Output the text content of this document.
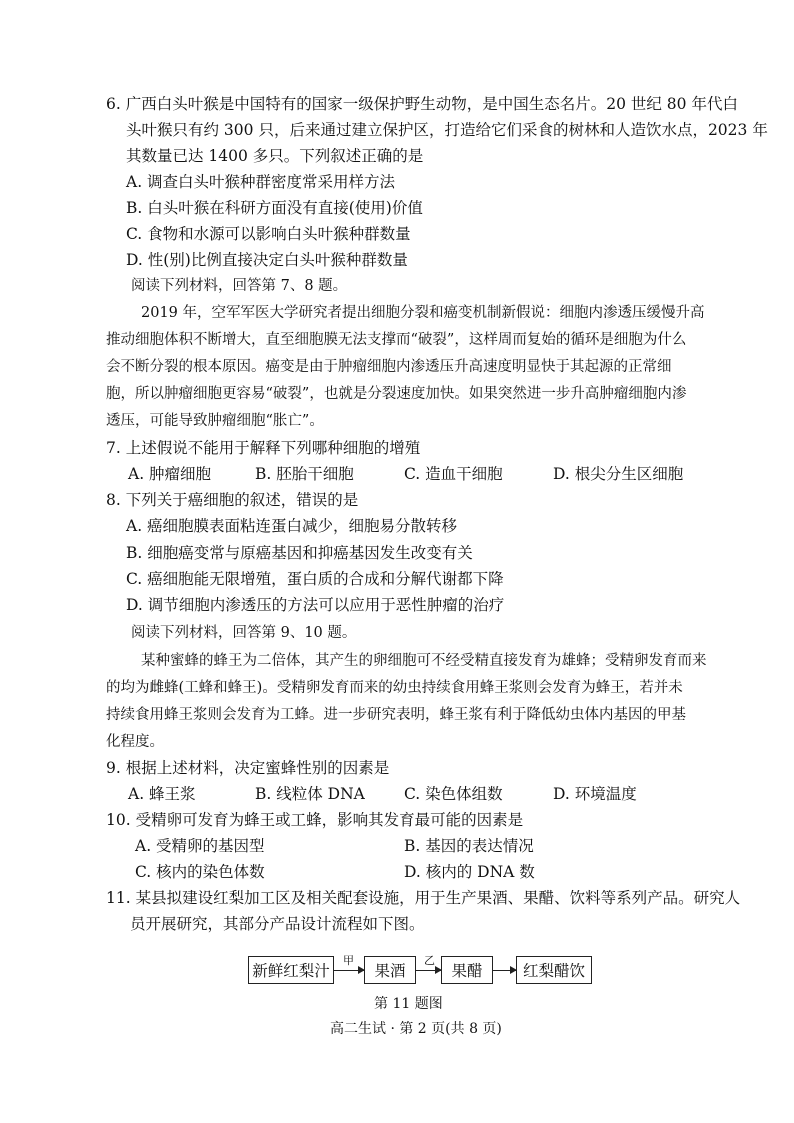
6. 广西白头叶猴是中国特有的国家一级保护野生动物，是中国生态名片。20 世纪 80 年代白
头叶猴只有约 300 只，后来通过建立保护区，打造给它们采食的树林和人造饮水点，2023 年
其数量已达 1400 多只。下列叙述正确的是
A. 调查白头叶猴种群密度常采用样方法
B. 白头叶猴在科研方面没有直接(使用)价值
C. 食物和水源可以影响白头叶猴种群数量
D. 性(别)比例直接决定白头叶猴种群数量
阅读下列材料，回答第 7、8 题。
2019 年，空军军医大学研究者提出细胞分裂和癌变机制新假说：细胞内渗透压缓慢升高
推动细胞体积不断增大，直至细胞膜无法支撑而“破裂”，这样周而复始的循环是细胞为什么
会不断分裂的根本原因。癌变是由于肿瘤细胞内渗透压升高速度明显快于其起源的正常细
胞，所以肿瘤细胞更容易“破裂”，也就是分裂速度加快。如果突然进一步升高肿瘤细胞内渗
透压，可能导致肿瘤细胞“胀亡”。
7. 上述假说不能用于解释下列哪种细胞的增殖
A. 肿瘤细胞	B. 胚胎干细胞	C. 造血干细胞	D. 根尖分生区细胞
8. 下列关于癌细胞的叙述，错误的是
A. 癌细胞膜表面粘连蛋白减少，细胞易分散转移
B. 细胞癌变常与原癌基因和抑癌基因发生改变有关
C. 癌细胞能无限增殖，蛋白质的合成和分解代谢都下降
D. 调节细胞内渗透压的方法可以应用于恶性肿瘤的治疗
阅读下列材料，回答第 9、10 题。
某种蜜蜂的蜂王为二倍体，其产生的卵细胞可不经受精直接发育为雄蜂；受精卵发育而来
的均为雌蜂(工蜂和蜂王)。受精卵发育而来的幼虫持续食用蜂王浆则会发育为蜂王，若并未
持续食用蜂王浆则会发育为工蜂。进一步研究表明，蜂王浆有利于降低幼虫体内基因的甲基
化程度。
9. 根据上述材料，决定蜜蜂性别的因素是
A. 蜂王浆	B. 线粒体 DNA	C. 染色体组数	D. 环境温度
10. 受精卵可发育为蜂王或工蜂，影响其发育最可能的因素是
A. 受精卵的基因型	B. 基因的表达情况
C. 核内的染色体数	D. 核内的 DNA 数
11. 某县拟建设红梨加工区及相关配套设施，用于生产果酒、果醋、饮料等系列产品。研究人
员开展研究，其部分产品设计流程如下图。
新鲜红梨汁
甲
果酒
乙
果醋	红梨醋饮
第 11 题图
高二生试 · 第 2 页(共 8 页)
